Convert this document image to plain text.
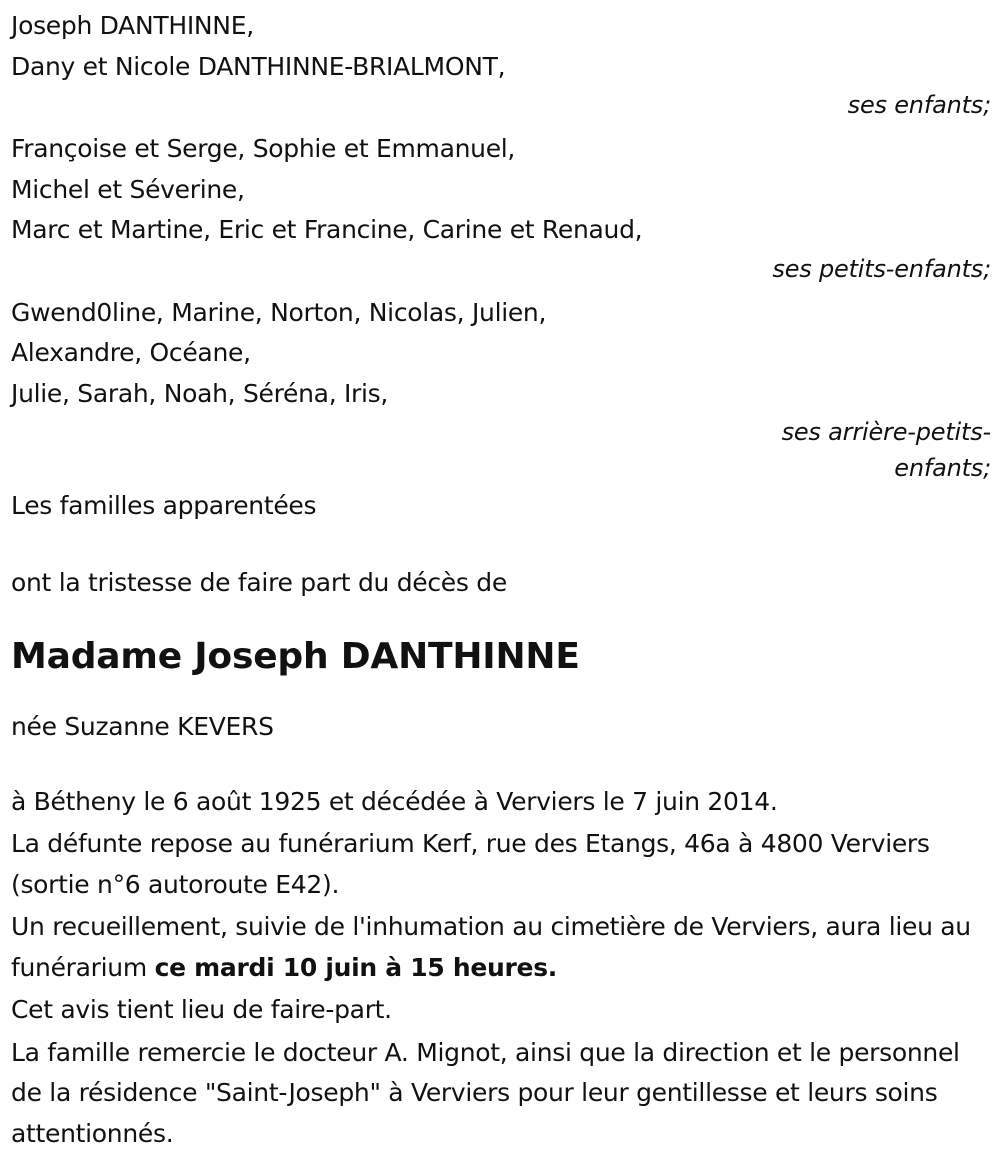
Joseph DANTHINNE,
Dany et Nicole DANTHINNE-BRIALMONT,
ses enfants;
Françoise et Serge, Sophie et Emmanuel,
Michel et Séverine,
Marc et Martine, Eric et Francine, Carine et Renaud,
ses petits-enfants;
Gwend0line, Marine, Norton, Nicolas, Julien,
Alexandre, Océane,
Julie, Sarah, Noah, Séréna, Iris,
ses arrière-petits-
enfants;
Les familles apparentées
ont la tristesse de faire part du décès de
Madame Joseph DANTHINNE
née Suzanne KEVERS

à Bétheny le 6 août 1925 et décédée à Verviers le 7 juin 2014.

La défunte repose au funérarium Kerf, rue des Etangs, 46a à 4800 Verviers (sortie n°6 autoroute E42).

Un recueillement, suivie de l'inhumation au cimetière de Verviers, aura lieu au funérarium ce mardi 10 juin à 15 heures.

Cet avis tient lieu de faire-part.

La famille remercie le docteur A. Mignot, ainsi que la direction et le personnel de la résidence "Saint-Joseph" à Verviers pour leur gentillesse et leurs soins attentionnés.
